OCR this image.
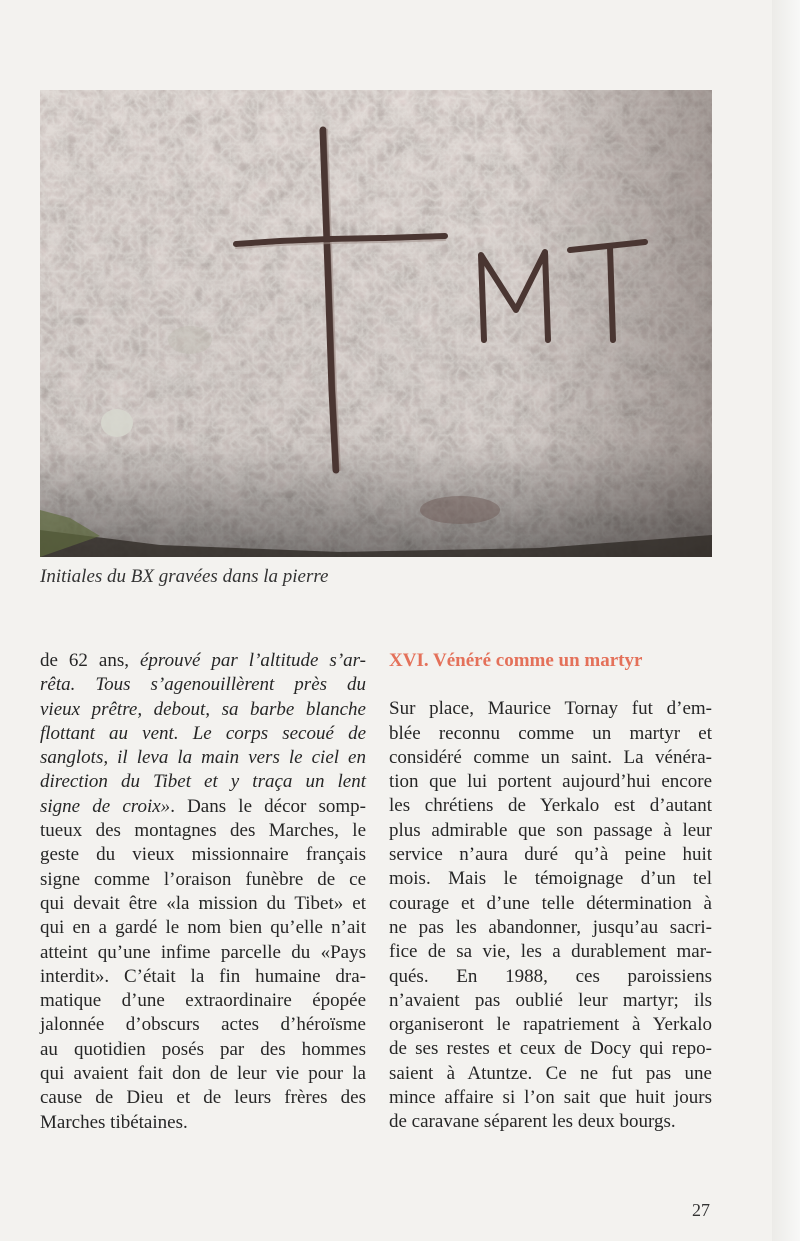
Initiales du BX gravées dans la pierre
de 62 ans, éprouvé par l’altitude s’ar-
rêta. Tous s’agenouillèrent près du
vieux prêtre, debout, sa barbe blanche
flottant au vent. Le corps secoué de
sanglots, il leva la main vers le ciel en
direction du Tibet et y traça un lent
signe de croix». Dans le décor somp-
tueux des montagnes des Marches, le
geste du vieux missionnaire français
signe comme l’oraison funèbre de ce
qui devait être «la mission du Tibet» et
qui en a gardé le nom bien qu’elle n’ait
atteint qu’une infime parcelle du «Pays
interdit». C’était la fin humaine dra-
matique d’une extraordinaire épopée
jalonnée d’obscurs actes d’héroïsme
au quotidien posés par des hommes
qui avaient fait don de leur vie pour la
cause de Dieu et de leurs frères des
Marches tibétaines.
XVI. Vénéré comme un martyr
Sur place, Maurice Tornay fut d’em-
blée reconnu comme un martyr et
considéré comme un saint. La vénéra-
tion que lui portent aujourd’hui encore
les chrétiens de Yerkalo est d’autant
plus admirable que son passage à leur
service n’aura duré qu’à peine huit
mois. Mais le témoignage d’un tel
courage et d’une telle détermination à
ne pas les abandonner, jusqu’au sacri-
fice de sa vie, les a durablement mar-
qués. En 1988, ces paroissiens
n’avaient pas oublié leur martyr; ils
organiseront le rapatriement à Yerkalo
de ses restes et ceux de Docy qui repo-
saient à Atuntze. Ce ne fut pas une
mince affaire si l’on sait que huit jours
de caravane séparent les deux bourgs.
27
